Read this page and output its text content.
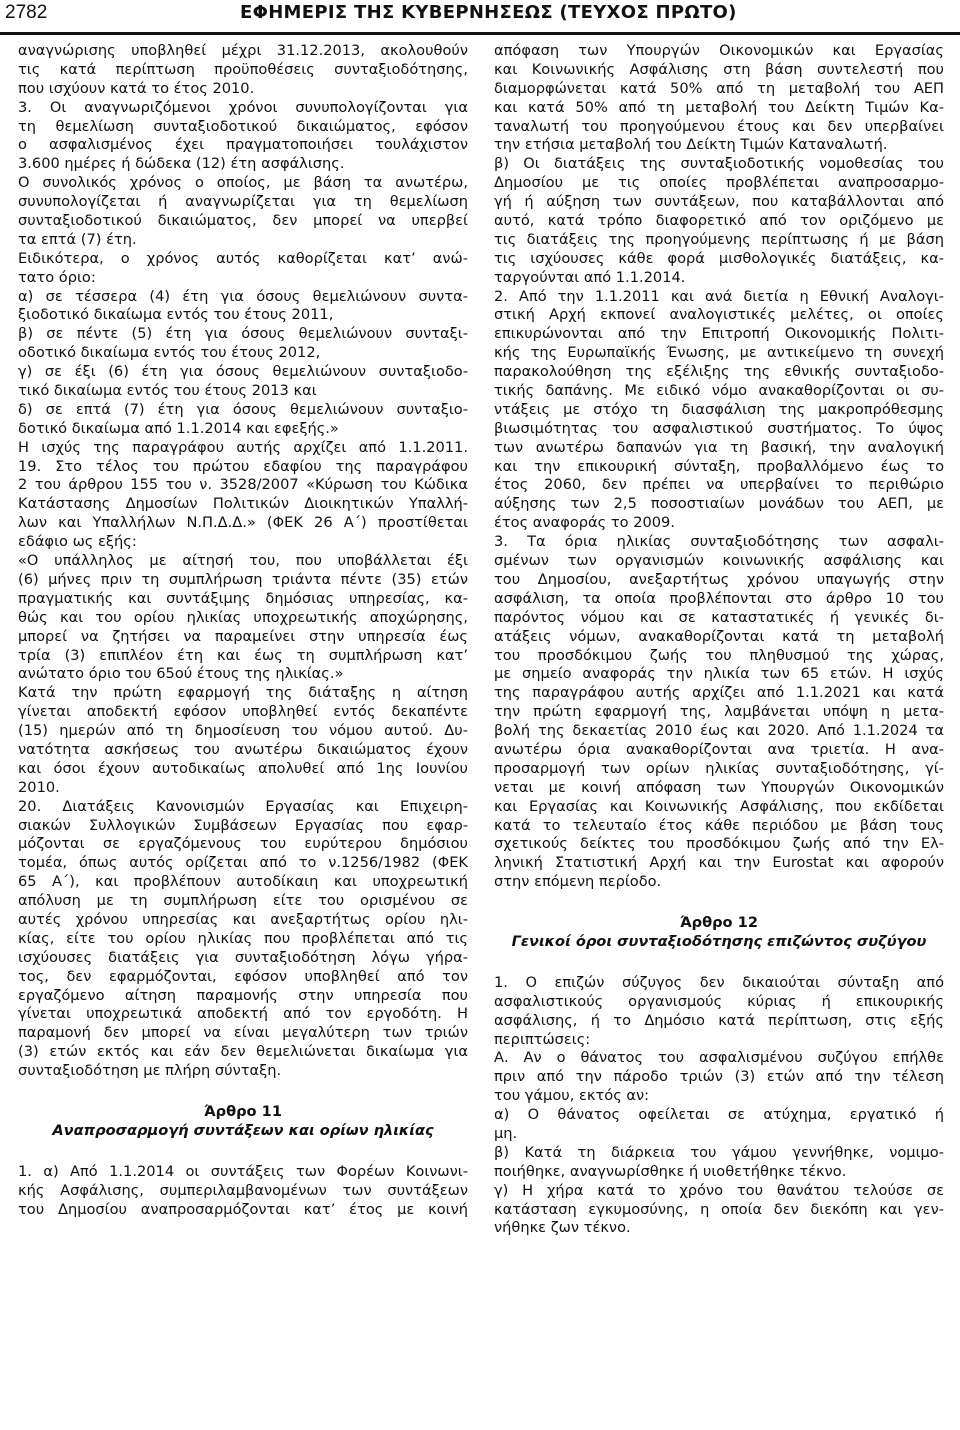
2782	ΕΦΗΜΕΡΙΣ ΤΗΣ ΚΥΒΕΡΝΗΣΕΩΣ (ΤΕΥΧΟΣ ΠΡΩΤΟ)
αναγνώρισης υποβληθεί μέχρι 31.12.2013, ακολουθούν
τις κατά περίπτωση προϋποθέσεις συνταξιοδότησης,
που ισχύουν κατά το έτος 2010.
3. Οι αναγνωριζόμενοι χρόνοι συνυπολογίζονται για
τη θεμελίωση συνταξιοδοτικού δικαιώματος, εφόσον
ο ασφαλισμένος έχει πραγματοποιήσει τουλάχιστον
3.600 ημέρες ή δώδεκα (12) έτη ασφάλισης.
Ο συνολικός χρόνος ο οποίος, με βάση τα ανωτέρω,
συνυπολογίζεται ή αναγνωρίζεται για τη θεμελίωση
συνταξιοδοτικού δικαιώματος, δεν μπορεί να υπερβεί
τα επτά (7) έτη.
Ειδικότερα, ο χρόνος αυτός καθορίζεται κατ’ ανώ-
τατο όριο:
α) σε τέσσερα (4) έτη για όσους θεμελιώνουν συντα-
ξιοδοτικό δικαίωμα εντός του έτους 2011,
β) σε πέντε (5) έτη για όσους θεμελιώνουν συνταξι-
οδοτικό δικαίωμα εντός του έτους 2012,
γ) σε έξι (6) έτη για όσους θεμελιώνουν συνταξιοδο-
τικό δικαίωμα εντός του έτους 2013 και
δ) σε επτά (7) έτη για όσους θεμελιώνουν συνταξιο-
δοτικό δικαίωμα από 1.1.2014 και εφεξής.»
Η ισχύς της παραγράφου αυτής αρχίζει από 1.1.2011.
19. Στο τέλος του πρώτου εδαφίου της παραγράφου
2 του άρθρου 155 του ν. 3528/2007 «Κύρωση του Κώδικα
Κατάστασης Δημοσίων Πολιτικών Διοικητικών Υπαλλή-
λων και Υπαλλήλων Ν.Π.Δ.Δ.» (ΦΕΚ 26 Α΄) προστίθεται
εδάφιο ως εξής:
«Ο υπάλληλος με αίτησή του, που υποβάλλεται έξι
(6) μήνες πριν τη συμπλήρωση τριάντα πέντε (35) ετών
πραγματικής και συντάξιμης δημόσιας υπηρεσίας, κα-
θώς και του ορίου ηλικίας υποχρεωτικής αποχώρησης,
μπορεί να ζητήσει να παραμείνει στην υπηρεσία έως
τρία (3) επιπλέον έτη και έως τη συμπλήρωση κατ’
ανώτατο όριο του 65ού έτους της ηλικίας.»
Κατά την πρώτη εφαρμογή της διάταξης η αίτηση
γίνεται αποδεκτή εφόσον υποβληθεί εντός δεκαπέντε
(15) ημερών από τη δημοσίευση του νόμου αυτού. Δυ-
νατότητα ασκήσεως του ανωτέρω δικαιώματος έχουν
και όσοι έχουν αυτοδικαίως απολυθεί από 1ης Ιουνίου
2010.
20. Διατάξεις Κανονισμών Εργασίας και Επιχειρη-
σιακών Συλλογικών Συμβάσεων Εργασίας που εφαρ-
μόζονται σε εργαζόμενους του ευρύτερου δημόσιου
τομέα, όπως αυτός ορίζεται από το ν.1256/1982 (ΦΕΚ
65 Α΄), και προβλέπουν αυτοδίκαιη και υποχρεωτική
απόλυση με τη συμπλήρωση είτε του ορισμένου σε
αυτές χρόνου υπηρεσίας και ανεξαρτήτως ορίου ηλι-
κίας, είτε του ορίου ηλικίας που προβλέπεται από τις
ισχύουσες διατάξεις για συνταξιοδότηση λόγω γήρα-
τος, δεν εφαρμόζονται, εφόσον υποβληθεί από τον
εργαζόμενο αίτηση παραμονής στην υπηρεσία που
γίνεται υποχρεωτικά αποδεκτή από τον εργοδότη. Η
παραμονή δεν μπορεί να είναι μεγαλύτερη των τριών
(3) ετών εκτός και εάν δεν θεμελιώνεται δικαίωμα για
συνταξιοδότηση με πλήρη σύνταξη.
Άρθρο 11
Αναπροσαρμογή συντάξεων και ορίων ηλικίας
1. α) Από 1.1.2014 οι συντάξεις των Φορέων Κοινωνι-
κής Ασφάλισης, συμπεριλαμβανομένων των συντάξεων
του Δημοσίου αναπροσαρμόζονται κατ’ έτος με κοινή
απόφαση των Υπουργών Οικονομικών και Εργασίας
και Κοινωνικής Ασφάλισης στη βάση συντελεστή που
διαμορφώνεται κατά 50% από τη μεταβολή του ΑΕΠ
και κατά 50% από τη μεταβολή του Δείκτη Τιμών Κα-
ταναλωτή του προηγούμενου έτους και δεν υπερβαίνει
την ετήσια μεταβολή του Δείκτη Τιμών Καταναλωτή.
β) Οι διατάξεις της συνταξιοδοτικής νομοθεσίας του
Δημοσίου με τις οποίες προβλέπεται αναπροσαρμο-
γή ή αύξηση των συντάξεων, που καταβάλλονται από
αυτό, κατά τρόπο διαφορετικό από τον οριζόμενο με
τις διατάξεις της προηγούμενης περίπτωσης ή με βάση
τις ισχύουσες κάθε φορά μισθολογικές διατάξεις, κα-
ταργούνται από 1.1.2014.
2. Από την 1.1.2011 και ανά διετία η Εθνική Αναλογι-
στική Αρχή εκπονεί αναλογιστικές μελέτες, οι οποίες
επικυρώνονται από την Επιτροπή Οικονομικής Πολιτι-
κής της Ευρωπαϊκής Ένωσης, με αντικείμενο τη συνεχή
παρακολούθηση της εξέλιξης της εθνικής συνταξιοδο-
τικής δαπάνης. Με ειδικό νόμο ανακαθορίζονται οι συ-
ντάξεις με στόχο τη διασφάλιση της μακροπρόθεσμης
βιωσιμότητας του ασφαλιστικού συστήματος. Το ύψος
των ανωτέρω δαπανών για τη βασική, την αναλογική
και την επικουρική σύνταξη, προβαλλόμενο έως το
έτος 2060, δεν πρέπει να υπερβαίνει το περιθώριο
αύξησης των 2,5 ποσοστιαίων μονάδων του ΑΕΠ, με
έτος αναφοράς το 2009.
3. Τα όρια ηλικίας συνταξιοδότησης των ασφαλι-
σμένων των οργανισμών κοινωνικής ασφάλισης και
του Δημοσίου, ανεξαρτήτως χρόνου υπαγωγής στην
ασφάλιση, τα οποία προβλέπονται στο άρθρο 10 του
παρόντος νόμου και σε καταστατικές ή γενικές δι-
ατάξεις νόμων, ανακαθορίζονται κατά τη μεταβολή
του προσδόκιμου ζωής του πληθυσμού της χώρας,
με σημείο αναφοράς την ηλικία των 65 ετών. Η ισχύς
της παραγράφου αυτής αρχίζει από 1.1.2021 και κατά
την πρώτη εφαρμογή της, λαμβάνεται υπόψη η μετα-
βολή της δεκαετίας 2010 έως και 2020. Από 1.1.2024 τα
ανωτέρω όρια ανακαθορίζονται ανα τριετία. Η ανα-
προσαρμογή των ορίων ηλικίας συνταξιοδότησης, γί-
νεται με κοινή απόφαση των Υπουργών Οικονομικών
και Εργασίας και Κοινωνικής Ασφάλισης, που εκδίδεται
κατά το τελευταίο έτος κάθε περιόδου με βάση τους
σχετικούς δείκτες του προσδόκιμου ζωής από την Ελ-
ληνική Στατιστική Αρχή και την Eurostat και αφορούν
στην επόμενη περίοδο.
Άρθρο 12
Γενικοί όροι συνταξιοδότησης επιζώντος συζύγου
1. Ο επιζών σύζυγος δεν δικαιούται σύνταξη από
ασφαλιστικούς οργανισμούς κύριας ή επικουρικής
ασφάλισης, ή το Δημόσιο κατά περίπτωση, στις εξής
περιπτώσεις:
Α. Αν ο θάνατος του ασφαλισμένου συζύγου επήλθε
πριν από την πάροδο τριών (3) ετών από την τέλεση
του γάμου, εκτός αν:
α) Ο θάνατος οφείλεται σε ατύχημα, εργατικό ή
μη.
β) Κατά τη διάρκεια του γάμου γεννήθηκε, νομιμο-
ποιήθηκε, αναγνωρίσθηκε ή υιοθετήθηκε τέκνο.
γ) Η χήρα κατά το χρόνο του θανάτου τελούσε σε
κατάσταση εγκυμοσύνης, η οποία δεν διεκόπη και γεν-
νήθηκε ζων τέκνο.
